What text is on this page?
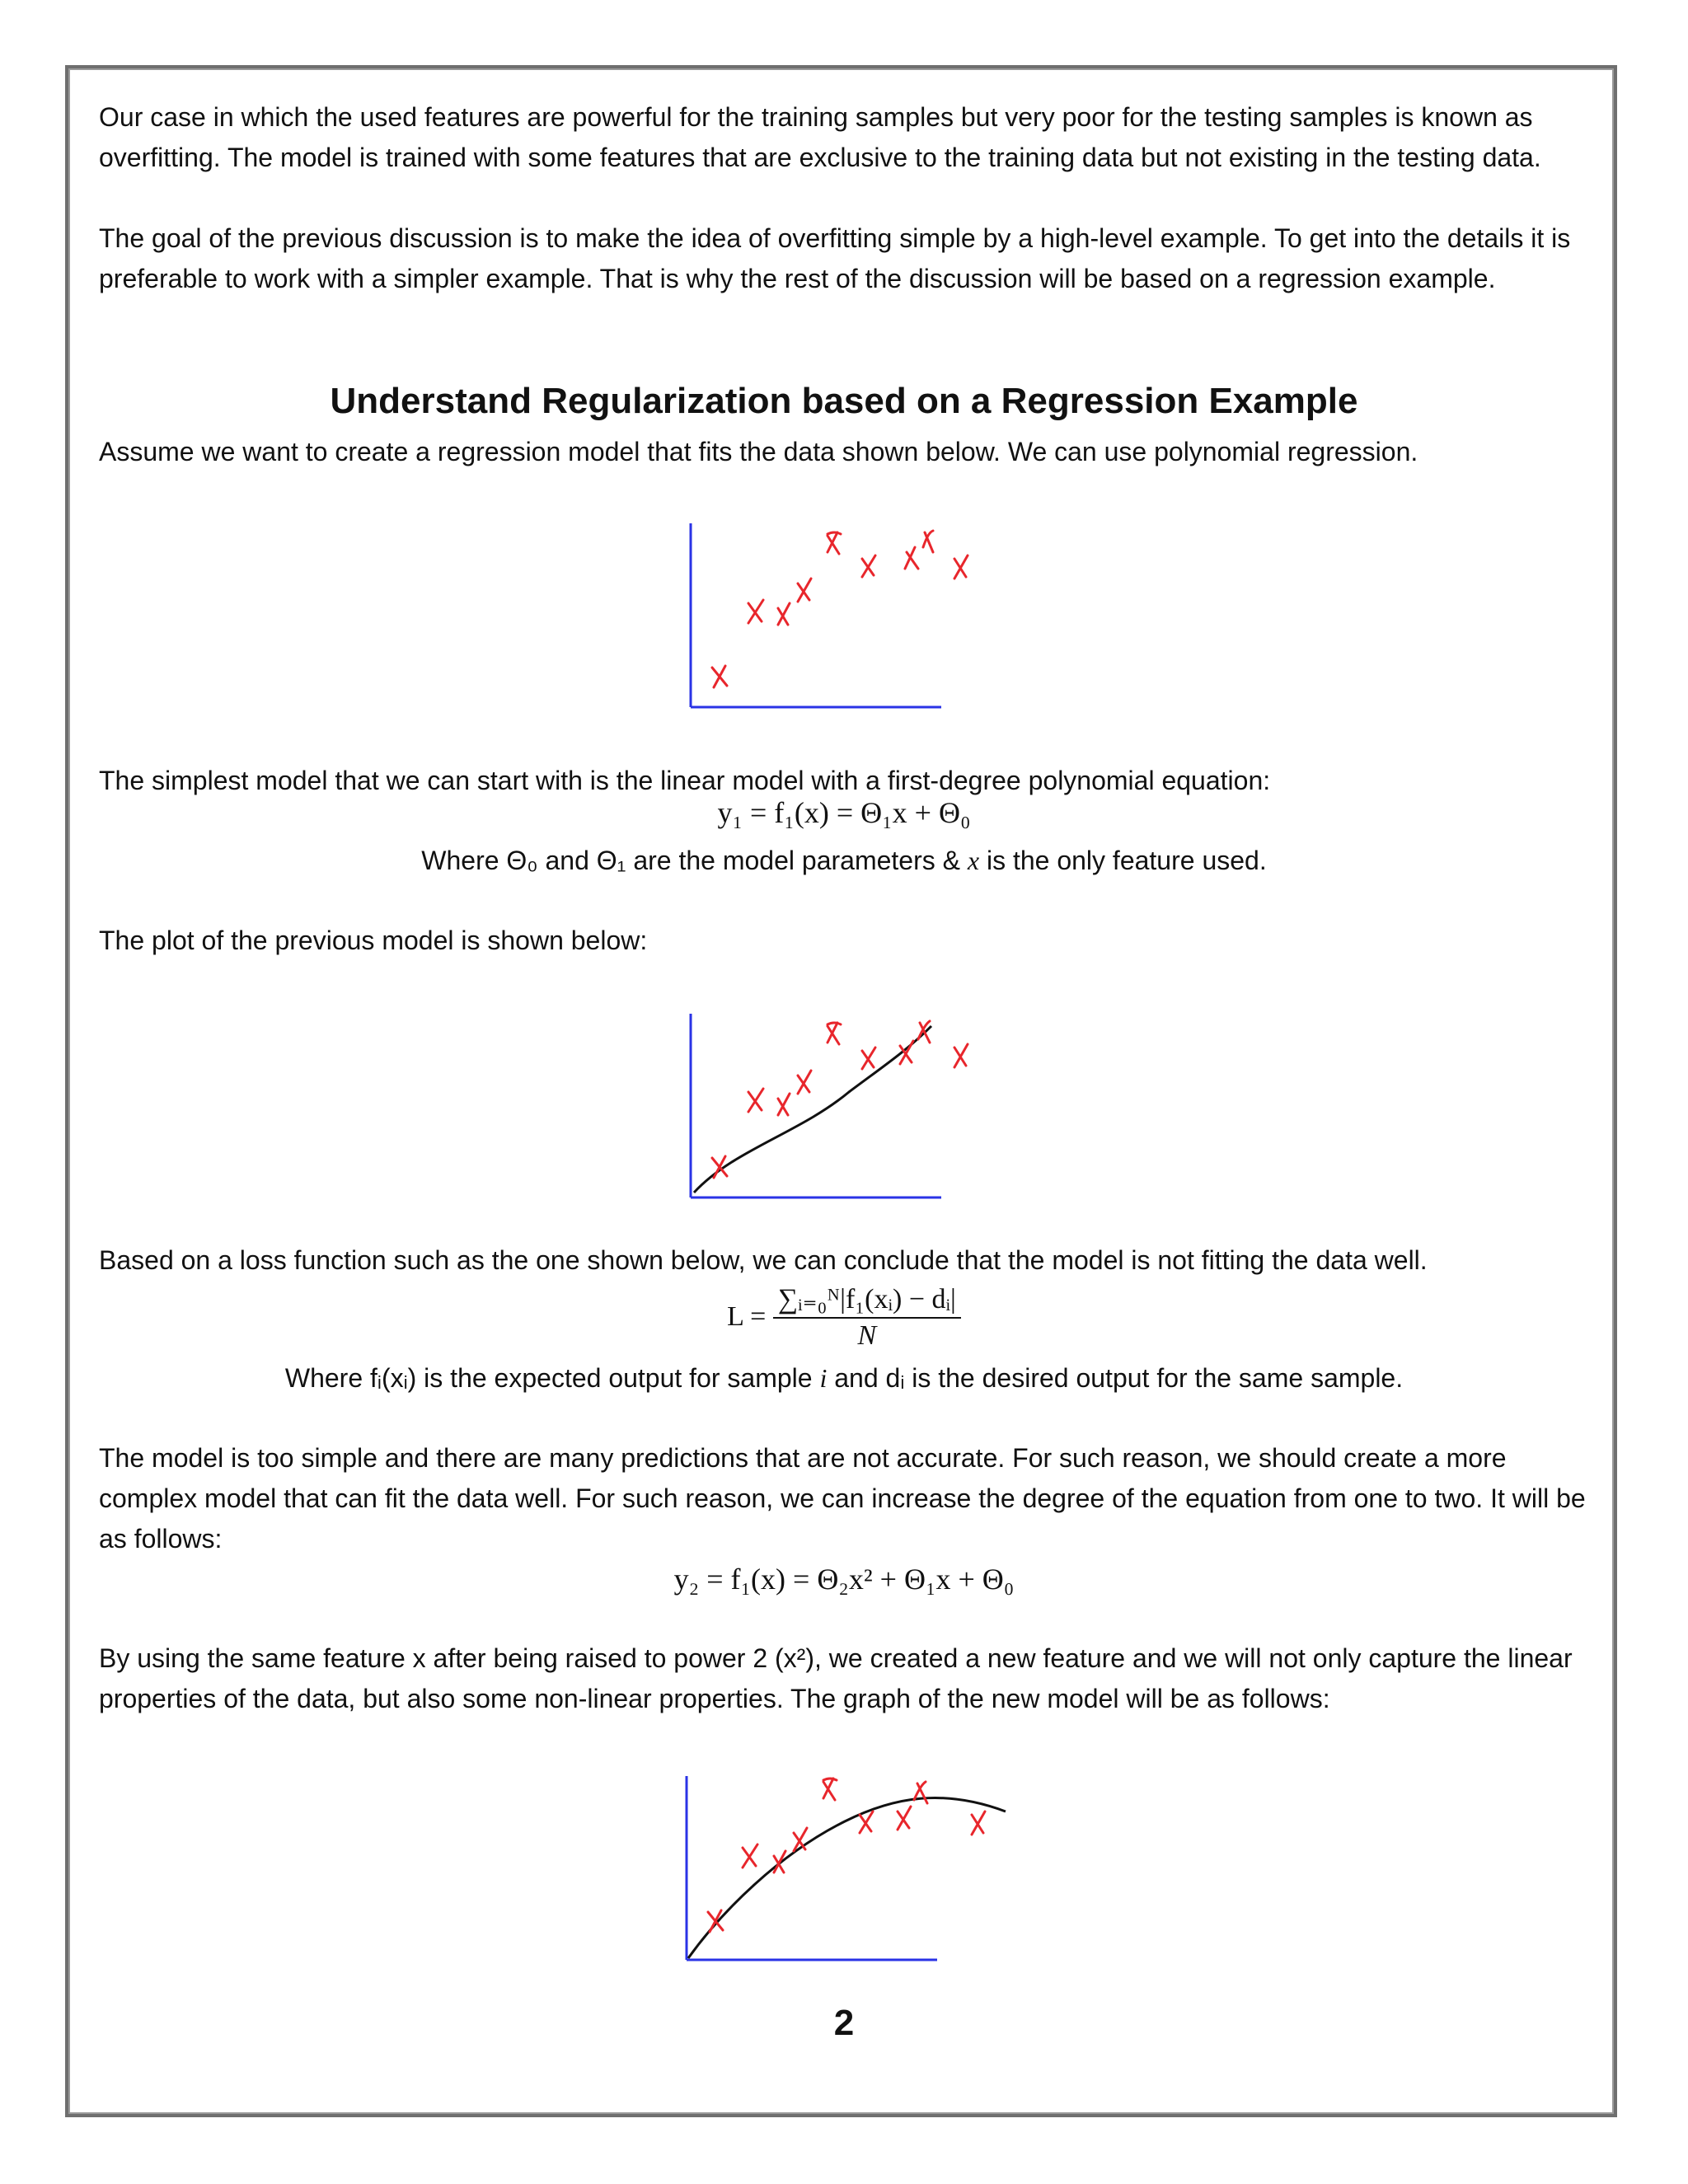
Our case in which the used features are powerful for the training samples but very poor for the testing samples is known as overfitting. The model is trained with some features that are exclusive to the training data but not existing in the testing data.

The goal of the previous discussion is to make the idea of overfitting simple by a high-level example. To get into the details it is preferable to work with a simpler example. That is why the rest of the discussion will be based on a regression example.

Understand Regularization based on a Regression Example

Assume we want to create a regression model that fits the data shown below. We can use polynomial regression.

The simplest model that we can start with is the linear model with a first-degree polynomial equation:

y₁ = f₁(x) = Θ₁x + Θ₀

Where Θ₀ and Θ₁ are the model parameters & x is the only feature used.

The plot of the previous model is shown below:

Based on a loss function such as the one shown below, we can conclude that the model is not fitting the data well.

$L = \frac{\text{∑ᵢ₌₀ᴺ|f₁(xᵢ) − dᵢ|}}{N}$

Where fᵢ(xᵢ) is the expected output for sample i and dᵢ is the desired output for the same sample.

The model is too simple and there are many predictions that are not accurate. For such reason, we should create a more complex model that can fit the data well. For such reason, we can increase the degree of the equation from one to two. It will be as follows:

y₂ = f₁(x) = Θ₂x² + Θ₁x + Θ₀

By using the same feature x after being raised to power 2 (x²), we created a new feature and we will not only capture the linear properties of the data, but also some non-linear properties. The graph of the new model will be as follows:

2
